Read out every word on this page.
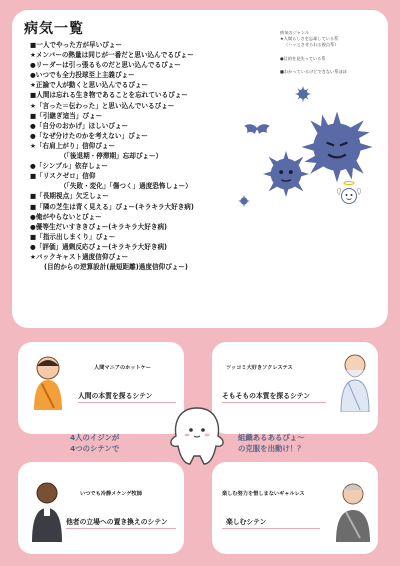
病気一覧
■一人でやった方が早いぴょー
★メンバーの熱量は同じが一番だと思い込んでるぴょー
●リーダーは引っ張るものだと思い込んでるぴょー
●いつでも全力投球至上主義ぴょー
★正論で人が動くと思い込んでるぴょー
■人間は忘れる生き物であることを忘れているぴょー
★「言った＝伝わった」と思い込んでいるぴょー
■「引継ぎ這当」ぴょー
●「自分のおかげ」ほしいぴょー
●「なぜ分けたのかを考えない」ぴょー
★「右肩上がり」信仰ぴょー
（「後退期・停滞期」忘却ぴょー）
●「シンプル」依存しょー
■「リスクゼロ」信仰
（「失敗・変化」「傷つく」過度恐怖しょー）
■「長期視点」欠乏しょー
■「隣の芝生は青く見える」ぴょー(キラキラ大好き病)
●俺がやらないとぴょー
●優等生だいすききぴょー(キラキラ大好き病)
■「指示出しまくり」ぴょー
●「評価」過剰反応ぴょー(キラキラ大好き病)
★バックキャスト過度信仰ぴょー
(目的からの逆算設計(最短距離)過度信仰ぴょー)
病気のジャンル
★人間らしさを忘却している系
（ハッとさせられる視点系）
●目的を見失っている系
■わかっているけどできない系ほぼ
人間マニアのホットケー
人間の本質を探るシテン
ツッコミ大好きソクレステス
そもそもの本質を探るシテン
いつでも冷静メケンゲ牧師
他者の立場への置き換えのシテン
楽しむ努力を惜しまないギャルレス
楽しむシテン
4人のイジンが
4つのシテンで
組織あるあるぴょ～
の克服を出動け！？
